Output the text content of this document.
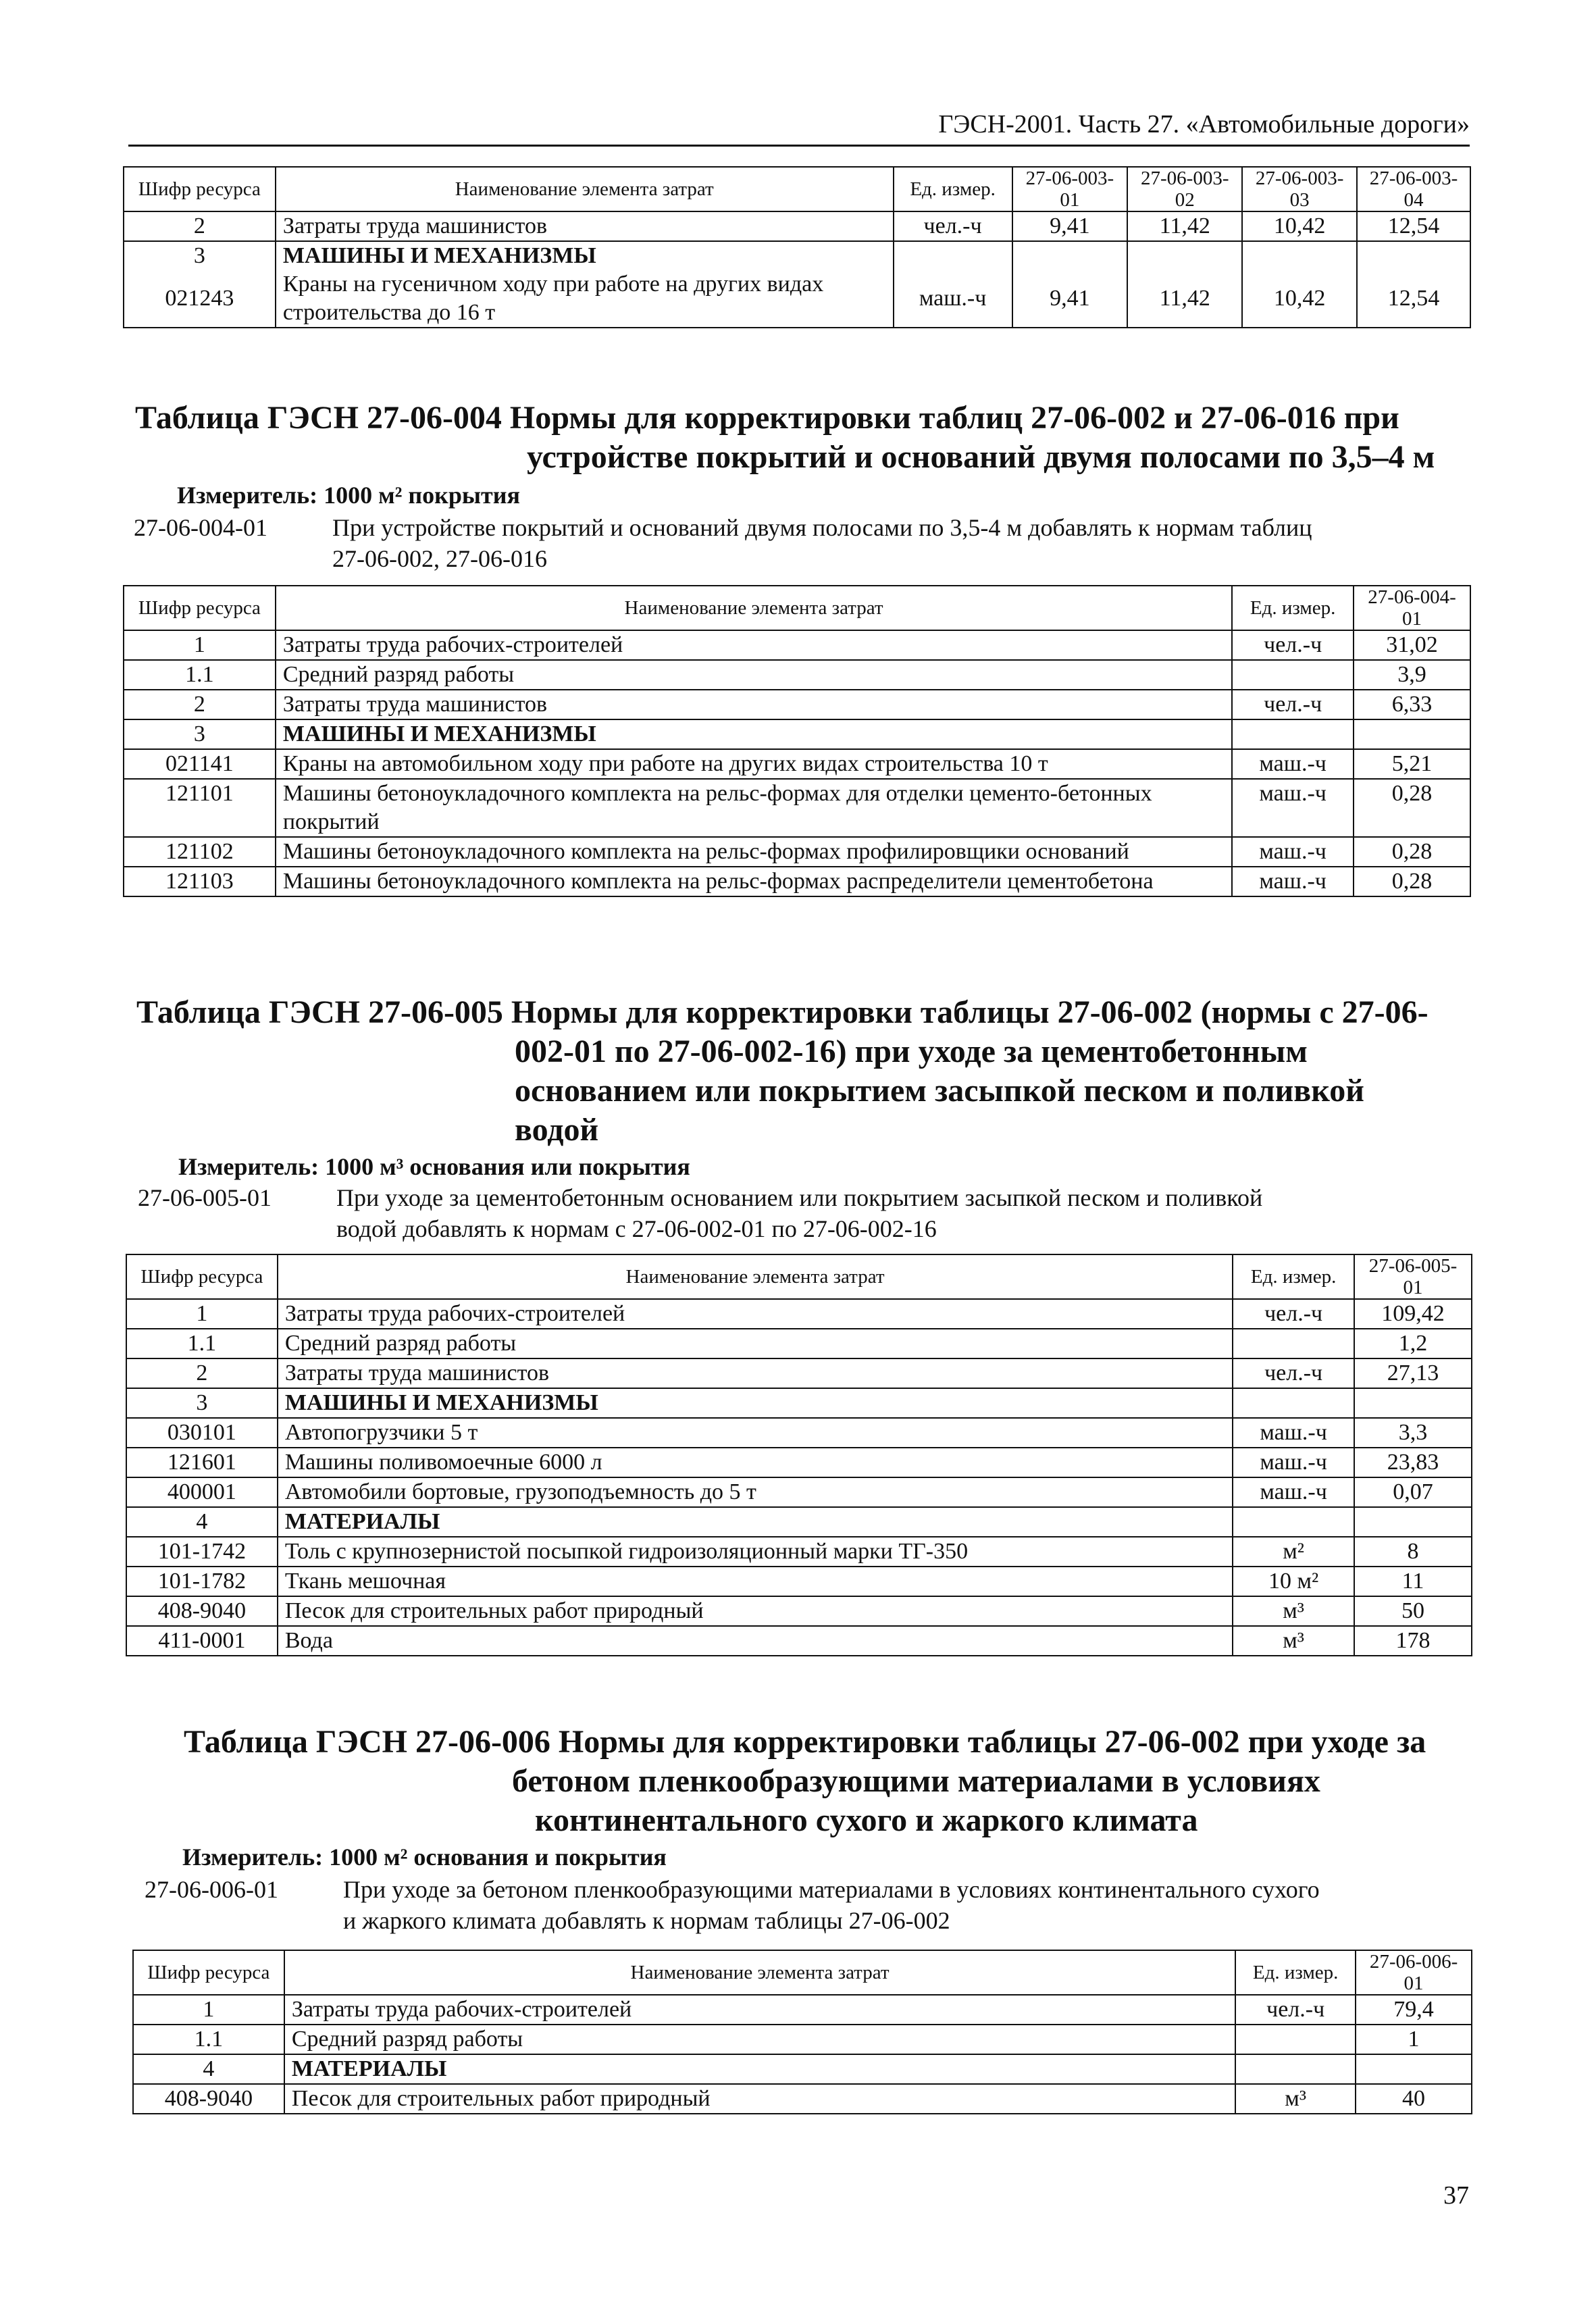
ГЭСН-2001. Часть 27. «Автомобильные дороги»
Шифр ресурса	Наименование элемента затрат	Ед. измер.	27-06-003-01	27-06-003-02	27-06-003-03	27-06-003-04
2	Затраты труда машинистов	чел.-ч	9,41	11,42	10,42	12,54
3	МАШИНЫ И МЕХАНИЗМЫ					
021243	Краны на гусеничном ходу при работе на других видах строительства до 16 т	маш.-ч	9,41	11,42	10,42	12,54
Таблица ГЭСН 27-06-004 Нормы для корректировки таблиц 27-06-002 и 27-06-016 при
устройстве покрытий и оснований двумя полосами по 3,5–4 м
Измеритель: 1000 м² покрытия
27-06-004-01	При устройстве покрытий и оснований двумя полосами по 3,5-4 м добавлять к нормам таблиц
27-06-002, 27-06-016
Шифр ресурса	Наименование элемента затрат	Ед. измер.	27-06-004-01
1	Затраты труда рабочих-строителей	чел.-ч	31,02
1.1	Средний разряд работы		3,9
2	Затраты труда машинистов	чел.-ч	6,33
3	МАШИНЫ И МЕХАНИЗМЫ		
021141	Краны на автомобильном ходу при работе на других видах строительства 10 т	маш.-ч	5,21
121101	Машины бетоноукладочного комплекта на рельс-формах для отделки цементо-бетонных покрытий	маш.-ч	0,28
121102	Машины бетоноукладочного комплекта на рельс-формах профилировщики оснований	маш.-ч	0,28
121103	Машины бетоноукладочного комплекта на рельс-формах распределители цементобетона	маш.-ч	0,28
Таблица ГЭСН 27-06-005 Нормы для корректировки таблицы 27-06-002 (нормы с 27-06-
002-01 по 27-06-002-16) при уходе за цементобетонным
основанием или покрытием засыпкой песком и поливкой
водой
Измеритель: 1000 м³ основания или покрытия
27-06-005-01	При уходе за цементобетонным основанием или покрытием засыпкой песком и поливкой
водой добавлять к нормам с 27-06-002-01 по 27-06-002-16
Шифр ресурса	Наименование элемента затрат	Ед. измер.	27-06-005-01
1	Затраты труда рабочих-строителей	чел.-ч	109,42
1.1	Средний разряд работы		1,2
2	Затраты труда машинистов	чел.-ч	27,13
3	МАШИНЫ И МЕХАНИЗМЫ		
030101	Автопогрузчики 5 т	маш.-ч	3,3
121601	Машины поливомоечные 6000 л	маш.-ч	23,83
400001	Автомобили бортовые, грузоподъемность до 5 т	маш.-ч	0,07
4	МАТЕРИАЛЫ		
101-1742	Толь с крупнозернистой посыпкой гидроизоляционный марки ТГ-350	м²	8
101-1782	Ткань мешочная	10 м²	11
408-9040	Песок для строительных работ природный	м³	50
411-0001	Вода	м³	178
Таблица ГЭСН 27-06-006 Нормы для корректировки таблицы 27-06-002 при уходе за
бетоном пленкообразующими материалами в условиях
континентального сухого и жаркого климата
Измеритель: 1000 м² основания и покрытия
27-06-006-01	При уходе за бетоном пленкообразующими материалами в условиях континентального сухого
и жаркого климата добавлять к нормам таблицы 27-06-002
Шифр ресурса	Наименование элемента затрат	Ед. измер.	27-06-006-01
1	Затраты труда рабочих-строителей	чел.-ч	79,4
1.1	Средний разряд работы		1
4	МАТЕРИАЛЫ		
408-9040	Песок для строительных работ природный	м³	40
37
